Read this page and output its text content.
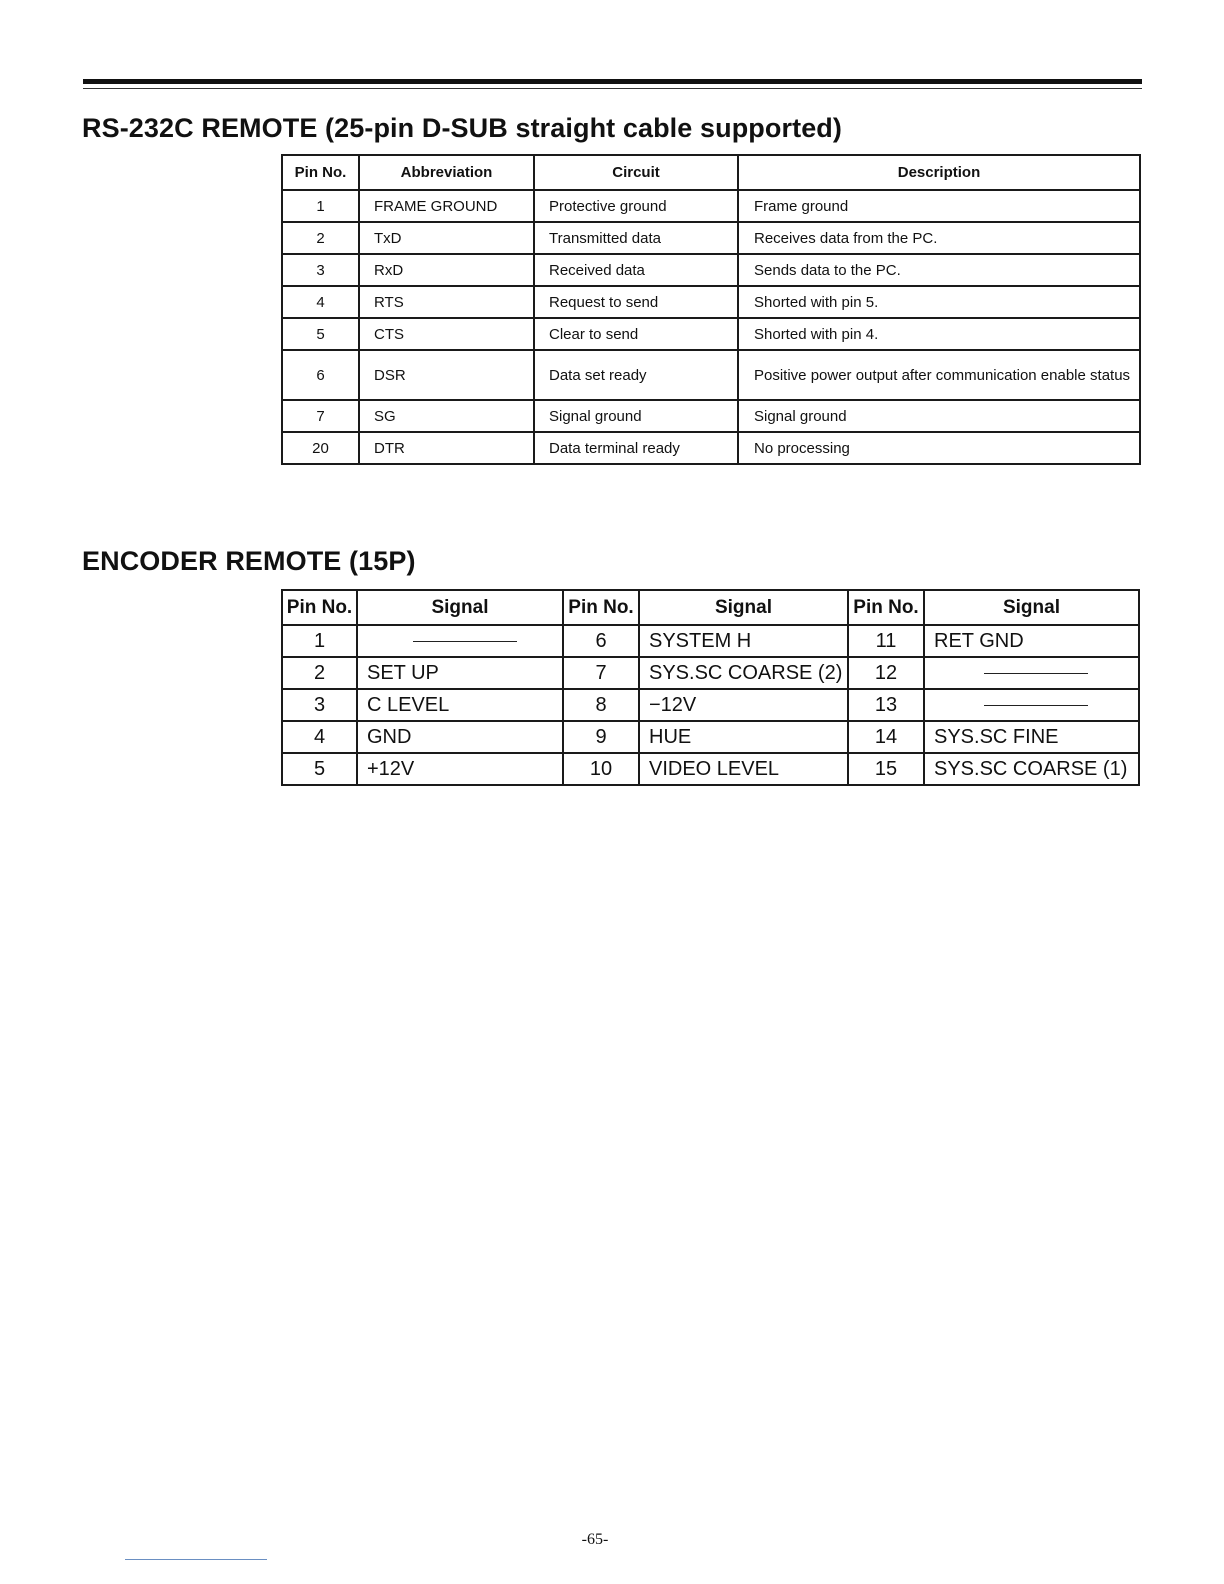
RS-232C REMOTE (25-pin D-SUB straight cable supported)
Pin No.	Abbreviation	Circuit	Description
1	FRAME GROUND	Protective ground	Frame ground
2	TxD	Transmitted data	Receives data from the PC.
3	RxD	Received data	Sends data to the PC.
4	RTS	Request to send	Shorted with pin 5.
5	CTS	Clear to send	Shorted with pin 4.
6	DSR	Data set ready	Positive power output after communication enable status
7	SG	Signal ground	Signal ground
20	DTR	Data terminal ready	No processing
ENCODER REMOTE (15P)
Pin No.	Signal	Pin No.	Signal	Pin No.	Signal
1		6	SYSTEM H	11	RET GND
2	SET UP	7	SYS.SC COARSE (2)	12	

3	C LEVEL	8	−12V	13	

4	GND	9	HUE	14	SYS.SC FINE
5	+12V	10	VIDEO LEVEL	15	SYS.SC COARSE (1)
-65-
